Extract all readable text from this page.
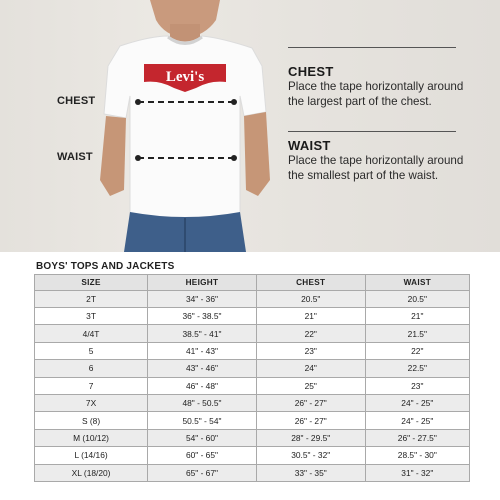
Levi's
CHEST
WAIST
CHEST

Place the tape horizontally around the largest part of the chest.

WAIST

Place the tape horizontally around the smallest part of the waist.

BOYS' TOPS AND JACKETS
SIZE	HEIGHT	CHEST	WAIST
2T	34" - 36"	20.5"	20.5"
3T	36" - 38.5"	21"	21"
4/4T	38.5" - 41"	22"	21.5"
5	41" - 43"	23"	22"
6	43" - 46"	24"	22.5"
7	46" - 48"	25"	23"
7X	48" - 50.5"	26" - 27"	24" - 25"
S (8)	50.5" - 54"	26" - 27"	24" - 25"
M (10/12)	54" - 60"	28" - 29.5"	26" - 27.5"
L (14/16)	60" - 65"	30.5" - 32"	28.5" - 30"
XL (18/20)	65" - 67"	33" - 35"	31" - 32"
